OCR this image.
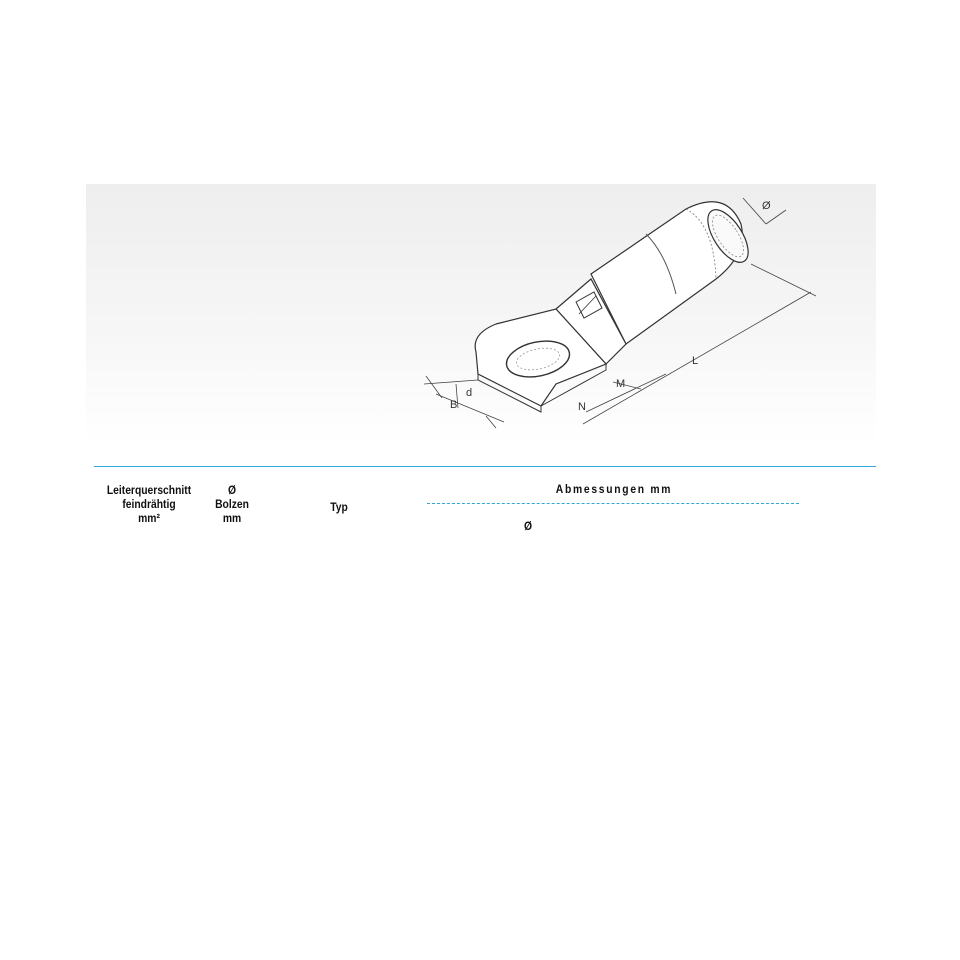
Ø
L
M
N
B
d
Leiterquerschnitt
feindrähtig
mm²
Ø
Bolzen
mm
Typ
Abmessungen mm
Ø
